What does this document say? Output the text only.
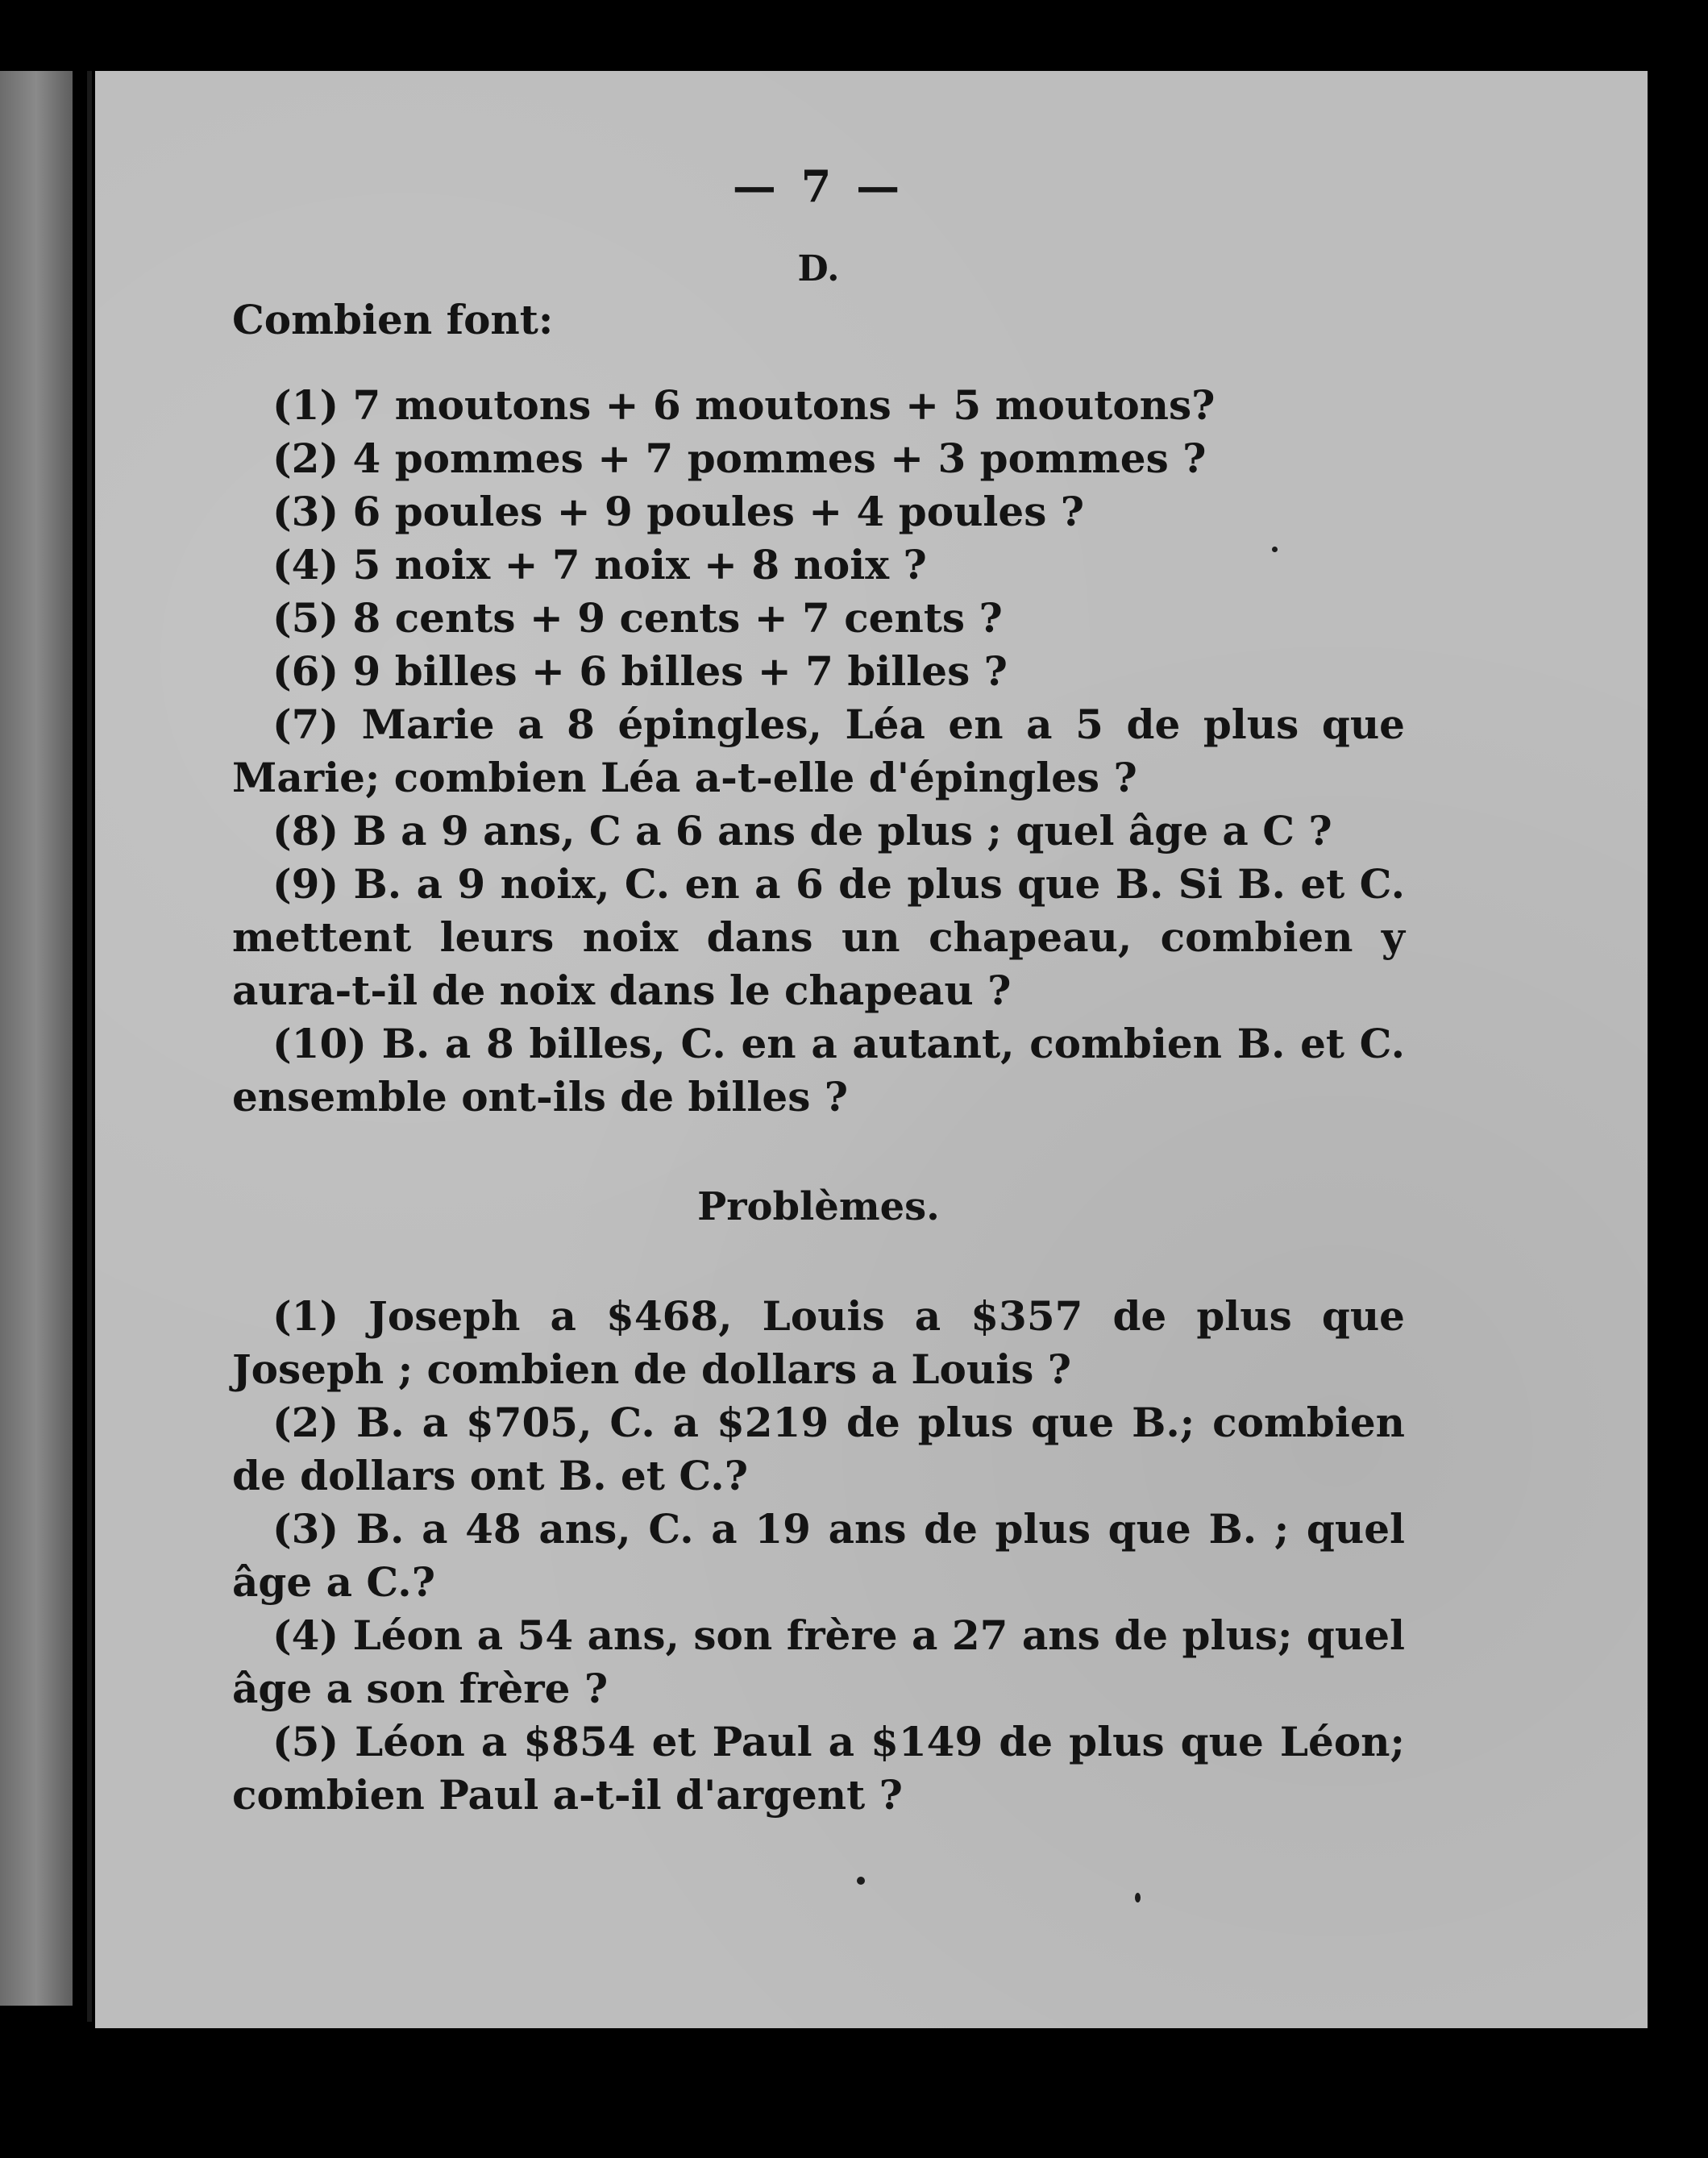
— 7 —
D.
Combien font:
(1) 7 moutons + 6 moutons + 5 moutons?
(2) 4 pommes + 7 pommes + 3 pommes ?
(3) 6 poules + 9 poules + 4 poules ?
(4) 5 noix + 7 noix + 8 noix ?
(5) 8 cents + 9 cents + 7 cents ?
(6) 9 billes + 6 billes + 7 billes ?

(7) Marie a 8 épingles, Léa en a 5 de plus que Marie; combien Léa a-t-elle d'épingles ?

(8) B a 9 ans, C a 6 ans de plus ; quel âge a C ?

(9) B. a 9 noix, C. en a 6 de plus que B. Si B. et C. mettent leurs noix dans un chapeau, combien y aura-t-il de noix dans le chapeau ?

(10) B. a 8 billes, C. en a autant, combien B. et C. ensemble ont-ils de billes ?

Problèmes.

(1) Joseph a $468, Louis a $357 de plus que Joseph ; combien de dollars a Louis ?

(2) B. a $705, C. a $219 de plus que B.; combien de dollars ont B. et C.?

(3) B. a 48 ans, C. a 19 ans de plus que B. ; quel âge a C.?

(4) Léon a 54 ans, son frère a 27 ans de plus; quel âge a son frère ?

(5) Léon a $854 et Paul a $149 de plus que Léon; combien Paul a-t-il d'argent ?
